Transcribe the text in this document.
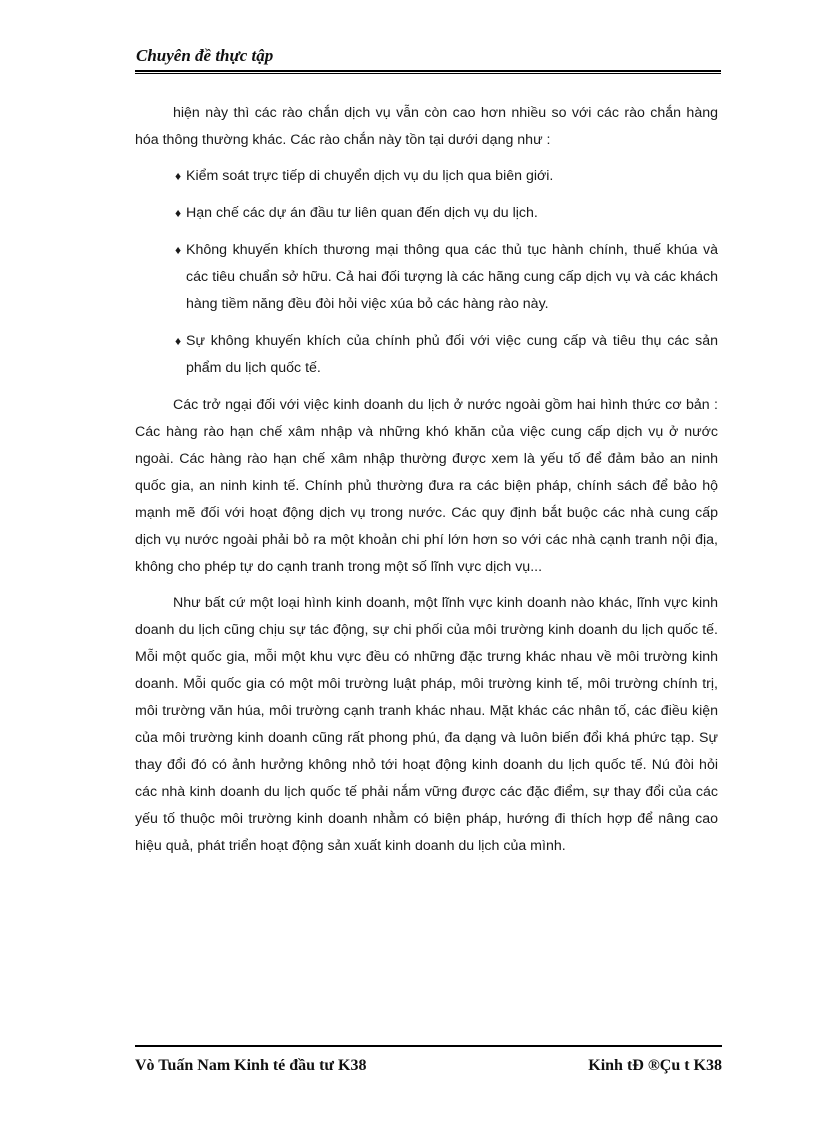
Chuyên đề thực tập

hiện này thì các rào chắn dịch vụ vẫn còn cao hơn nhiều so với các rào chắn hàng hóa thông thường khác. Các rào chắn này tồn tại dưới dạng như :

♦ Kiểm soát trực tiếp di chuyển dịch vụ du lịch qua biên giới.
♦ Hạn chế các dự án đầu tư liên quan đến dịch vụ du lịch.
♦ Không khuyến khích thương mại thông qua các thủ tục hành chính, thuế khúa và các tiêu chuẩn sở hữu. Cả hai đối tượng là các hãng cung cấp dịch vụ và các khách hàng tiềm năng đều đòi hỏi việc xúa bỏ các hàng rào này.
♦ Sự không khuyến khích của chính phủ đối với việc cung cấp và tiêu thụ các sản phẩm du lịch quốc tế.

Các trở ngại đối với việc kinh doanh du lịch ở nước ngoài gồm hai hình thức cơ bản : Các hàng rào hạn chế xâm nhập và những khó khăn của việc cung cấp dịch vụ ở nước ngoài. Các hàng rào hạn chế xâm nhập thường được xem là yếu tố để đảm bảo an ninh quốc gia, an ninh kinh tế. Chính phủ thường đưa ra các biện pháp, chính sách để bảo hộ mạnh mẽ đối với hoạt động dịch vụ trong nước. Các quy định bắt buộc các nhà cung cấp dịch vụ nước ngoài phải bỏ ra một khoản chi phí lớn hơn so với các nhà cạnh tranh nội địa, không cho phép tự do cạnh tranh trong một số lĩnh vực dịch vụ...

Như bất cứ một loại hình kinh doanh, một lĩnh vực kinh doanh nào khác, lĩnh vực kinh doanh du lịch cũng chịu sự tác động, sự chi phối của môi trường kinh doanh du lịch quốc tế. Mỗi một quốc gia, mỗi một khu vực đều có những đặc trưng khác nhau về môi trường kinh doanh. Mỗi quốc gia có một môi trường luật pháp, môi trường kinh tế, môi trường chính trị, môi trường văn húa, môi trường cạnh tranh khác nhau. Mặt khác các nhân tố, các điều kiện của môi trường kinh doanh cũng rất phong phú, đa dạng và luôn biến đổi khá phức tạp. Sự thay đổi đó có ảnh hưởng không nhỏ tới hoạt động kinh doanh du lịch quốc tế. Nú đòi hỏi các nhà kinh doanh du lịch quốc tế phải nắm vững được các đặc điểm, sự thay đổi của các yếu tố thuộc môi trường kinh doanh nhằm có biện pháp, hướng đi thích hợp để nâng cao hiệu quả, phát triển hoạt động sản xuất kinh doanh du lịch của mình.

Vò Tuấn Nam Kinh té đầu tư K38	Kinh tÐ ®Çu t K38
